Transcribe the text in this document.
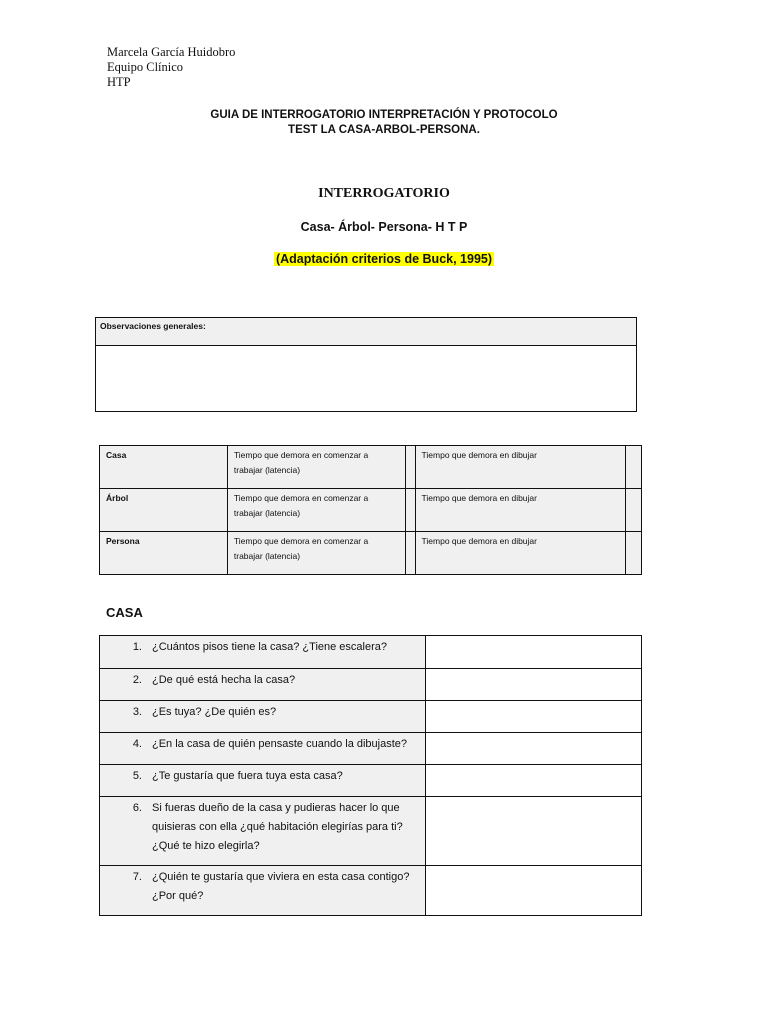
Marcela García Huidobro
Equipo Clínico
HTP
GUIA DE INTERROGATORIO INTERPRETACIÓN Y PROTOCOLO
TEST LA CASA-ARBOL-PERSONA.
INTERROGATORIO
Casa- Árbol- Persona- H T P
(Adaptación criterios de Buck, 1995)
Observaciones generales:
Casa	Tiempo que demora en comenzar a trabajar (latencia)		Tiempo que demora en dibujar	
Árbol	Tiempo que demora en comenzar a trabajar (latencia)		Tiempo que demora en dibujar	
Persona	Tiempo que demora en comenzar a trabajar (latencia)		Tiempo que demora en dibujar	
CASA
1. ¿Cuántos pisos tiene la casa? ¿Tiene escalera?	

2. ¿De qué está hecha la casa?	

3. ¿Es tuya? ¿De quién es?	

4. ¿En la casa de quién pensaste cuando la dibujaste?	

5. ¿Te gustaría que fuera tuya esta casa?	

6. Si fueras dueño de la casa y pudieras hacer lo que quisieras con ella ¿qué habitación elegirías para ti? ¿Qué te hizo elegirla?	

7. ¿Quién te gustaría que viviera en esta casa contigo? ¿Por qué?	
